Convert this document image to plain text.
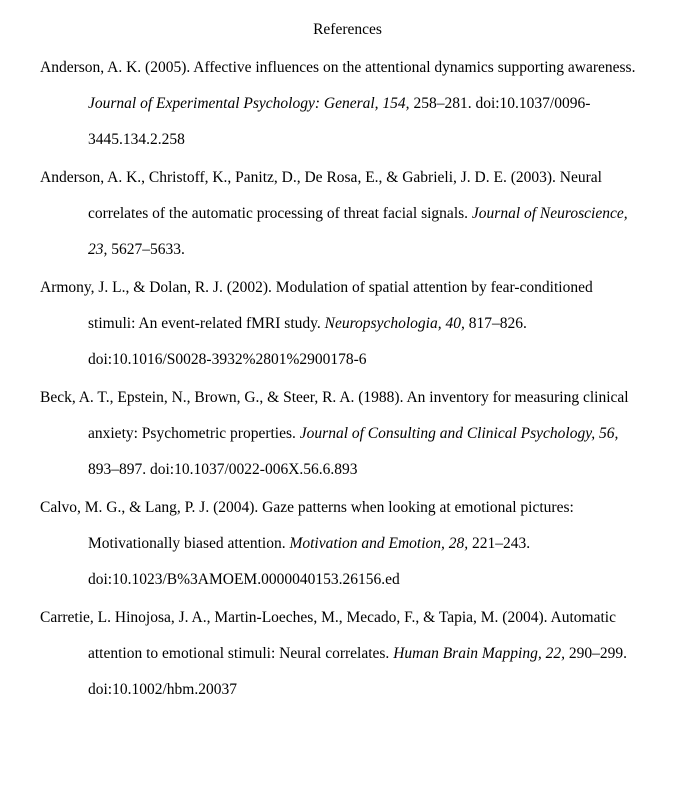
References
Anderson, A. K. (2005). Affective influences on the attentional dynamics supporting awareness.
Journal of Experimental Psychology: General, 154, 258–281. doi:10.1037/0096-
3445.134.2.258
Anderson, A. K., Christoff, K., Panitz, D., De Rosa, E., & Gabrieli, J. D. E. (2003). Neural
correlates of the automatic processing of threat facial signals. Journal of Neuroscience,
23, 5627–5633.
Armony, J. L., & Dolan, R. J. (2002). Modulation of spatial attention by fear-conditioned
stimuli: An event-related fMRI study. Neuropsychologia, 40, 817–826.
doi:10.1016/S0028-3932%2801%2900178-6
Beck, A. T., Epstein, N., Brown, G., & Steer, R. A. (1988). An inventory for measuring clinical
anxiety: Psychometric properties. Journal of Consulting and Clinical Psychology, 56,
893–897. doi:10.1037/0022-006X.56.6.893
Calvo, M. G., & Lang, P. J. (2004). Gaze patterns when looking at emotional pictures:
Motivationally biased attention. Motivation and Emotion, 28, 221–243.
doi:10.1023/B%3AMOEM.0000040153.26156.ed
Carretie, L. Hinojosa, J. A., Martin-Loeches, M., Mecado, F., & Tapia, M. (2004). Automatic
attention to emotional stimuli: Neural correlates. Human Brain Mapping, 22, 290–299.
doi:10.1002/hbm.20037
